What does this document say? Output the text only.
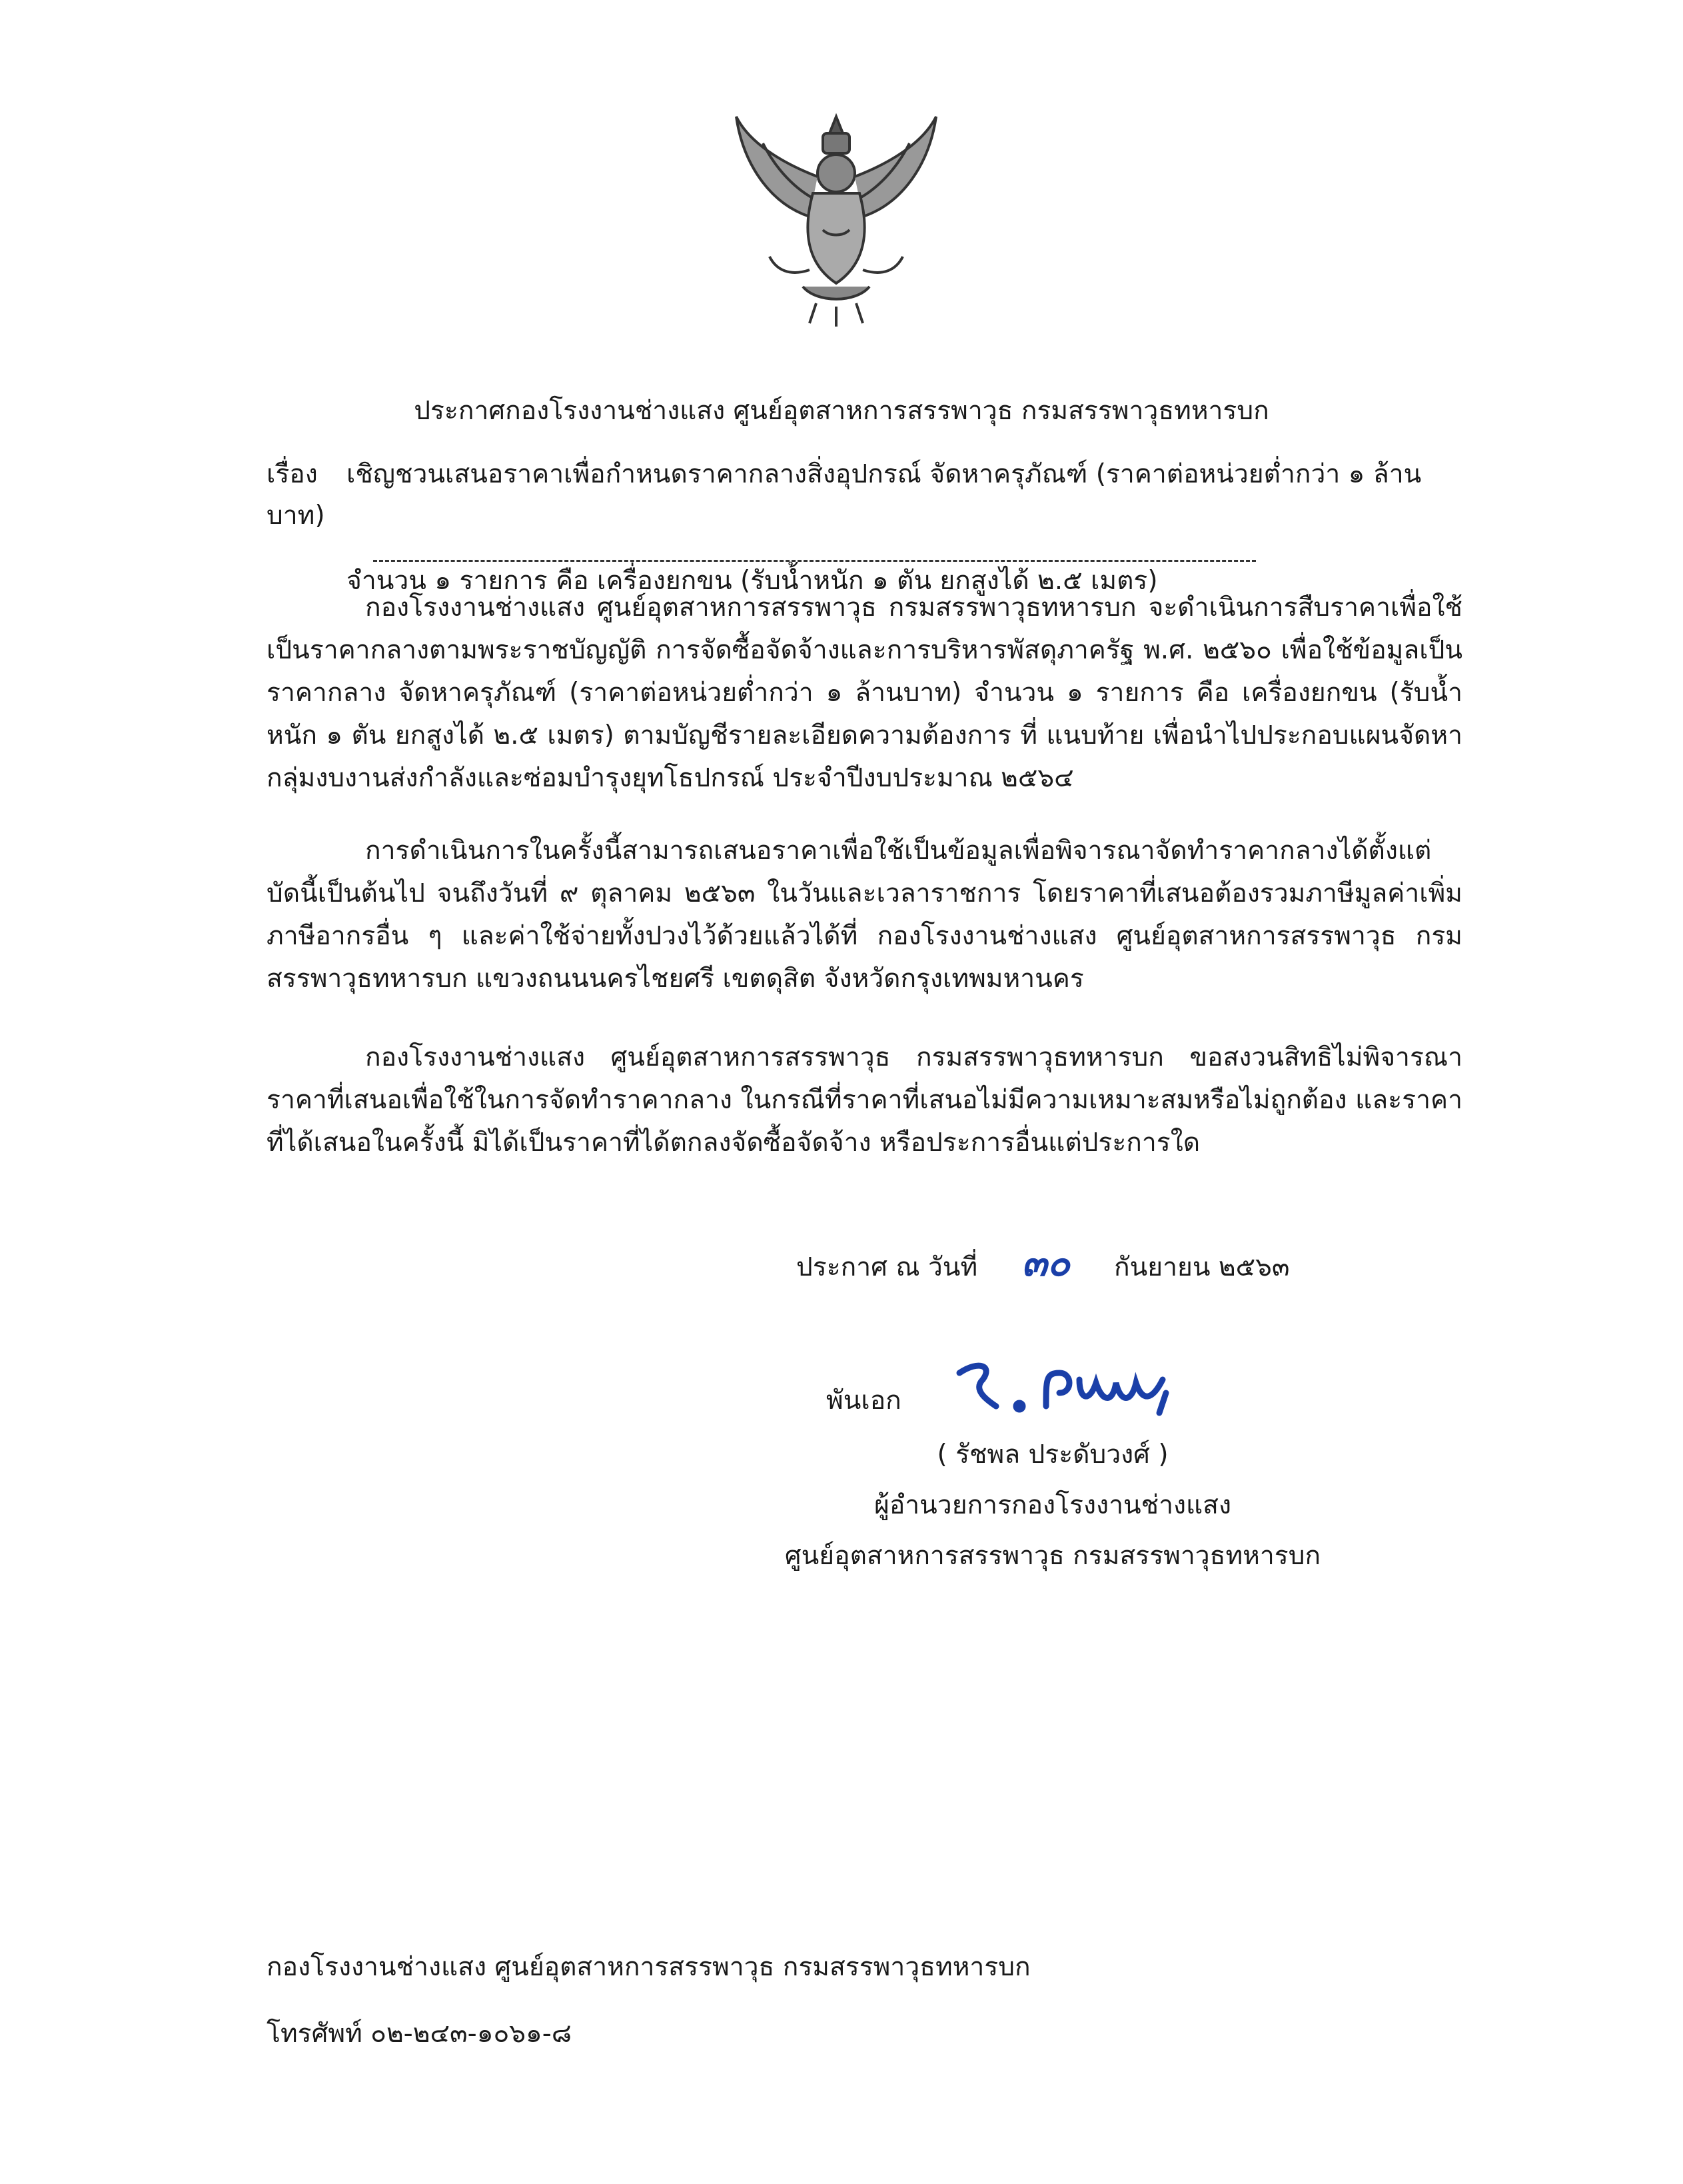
ประกาศกองโรงงานช่างแสง ศูนย์อุตสาหการสรรพาวุธ กรมสรรพาวุธทหารบก
เรื่อง เชิญชวนเสนอราคาเพื่อกำหนดราคากลางสิ่งอุปกรณ์ จัดหาครุภัณฑ์ (ราคาต่อหน่วยต่ำกว่า ๑ ล้านบาท)
จำนวน ๑ รายการ คือ เครื่องยกขน (รับน้ำหนัก ๑ ตัน ยกสูงได้ ๒.๕ เมตร)

กองโรงงานช่างแสง ศูนย์อุตสาหการสรรพาวุธ กรมสรรพาวุธทหารบก จะดำเนินการสืบราคาเพื่อใช้เป็นราคากลางตามพระราชบัญญัติ การจัดซื้อจัดจ้างและการบริหารพัสดุภาครัฐ พ.ศ. ๒๕๖๐ เพื่อใช้ข้อมูลเป็นราคากลาง จัดหาครุภัณฑ์ (ราคาต่อหน่วยต่ำกว่า ๑ ล้านบาท) จำนวน ๑ รายการ คือ เครื่องยกขน (รับน้ำหนัก ๑ ตัน ยกสูงได้ ๒.๕ เมตร) ตามบัญชีรายละเอียดความต้องการ ที่ แนบท้าย เพื่อนำไปประกอบแผนจัดหากลุ่มงบงานส่งกำลังและซ่อมบำรุงยุทโธปกรณ์ ประจำปีงบประมาณ ๒๕๖๔

การดำเนินการในครั้งนี้สามารถเสนอราคาเพื่อใช้เป็นข้อมูลเพื่อพิจารณาจัดทำราคากลางได้ตั้งแต่บัดนี้เป็นต้นไป จนถึงวันที่ ๙ ตุลาคม ๒๕๖๓ ในวันและเวลาราชการ โดยราคาที่เสนอต้องรวมภาษีมูลค่าเพิ่มภาษีอากรอื่น ๆ และค่าใช้จ่ายทั้งปวงไว้ด้วยแล้วได้ที่ กองโรงงานช่างแสง ศูนย์อุตสาหการสรรพาวุธ กรมสรรพาวุธทหารบก แขวงถนนนครไชยศรี เขตดุสิต จังหวัดกรุงเทพมหานคร

กองโรงงานช่างแสง ศูนย์อุตสาหการสรรพาวุธ กรมสรรพาวุธทหารบก ขอสงวนสิทธิไม่พิจารณาราคาที่เสนอเพื่อใช้ในการจัดทำราคากลาง ในกรณีที่ราคาที่เสนอไม่มีความเหมาะสมหรือไม่ถูกต้อง และราคาที่ได้เสนอในครั้งนี้ มิได้เป็นราคาที่ได้ตกลงจัดซื้อจัดจ้าง หรือประการอื่นแต่ประการใด

ประกาศ ณ วันที่ ๓๐ กันยายน ๒๕๖๓
พันเอก
( รัชพล ประดับวงศ์ )
ผู้อำนวยการกองโรงงานช่างแสง
ศูนย์อุตสาหการสรรพาวุธ กรมสรรพาวุธทหารบก
กองโรงงานช่างแสง ศูนย์อุตสาหการสรรพาวุธ กรมสรรพาวุธทหารบก
โทรศัพท์ ๐๒-๒๔๓-๑๐๖๑-๘
